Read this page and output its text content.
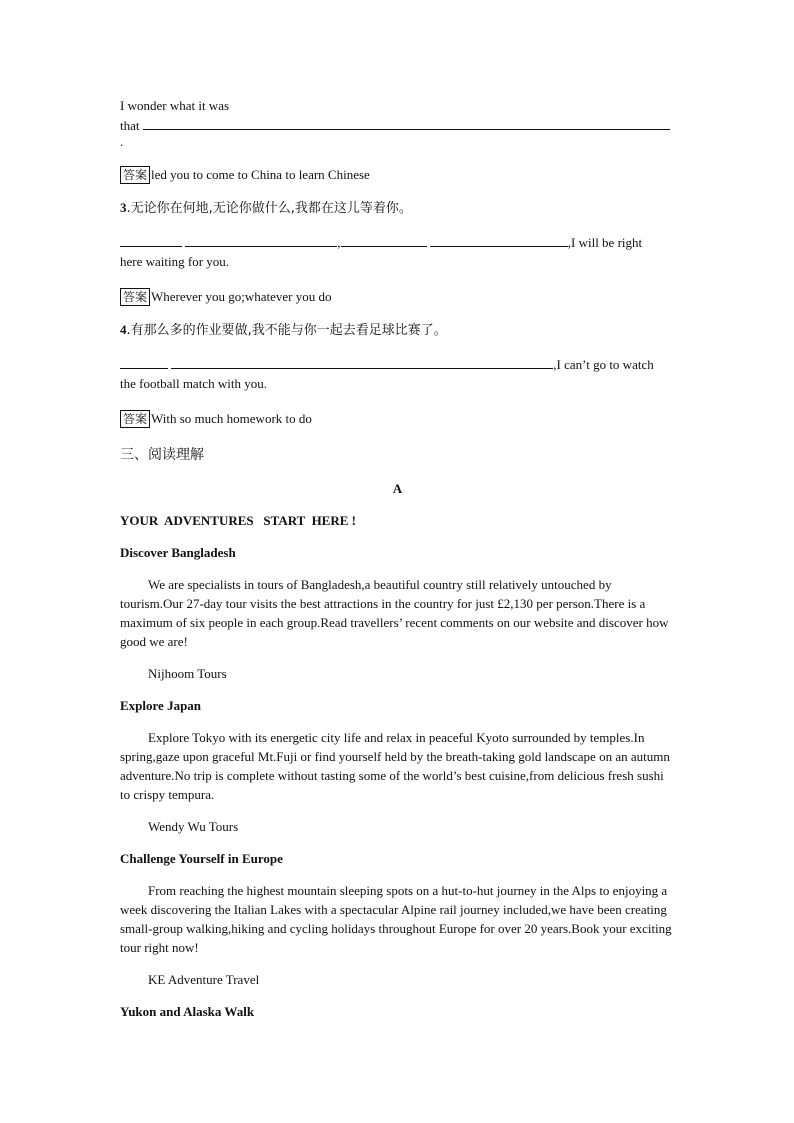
I wonder what it was

that

.

答案 led you to come to China to learn Chinese

3.无论你在何地,无论你做什么,我都在这儿等着你。

,	,I will be right

here waiting for you.

答案 Wherever you go;whatever you do

4.有那么多的作业要做,我不能与你一起去看足球比赛了。

,I can’t go to watch

the football match with you.

答案 With so much homework to do

三、阅读理解

A

YOUR  ADVENTURES   START  HERE !

Discover Bangladesh

We are specialists in tours of Bangladesh,a beautiful country still relatively untouched by tourism.Our 27-day tour visits the best attractions in the country for just £2,130 per person.There is a maximum of six people in each group.Read travellers’ recent comments on our website and discover how good we are!

Nijhoom Tours

Explore Japan

Explore Tokyo with its energetic city life and relax in peaceful Kyoto surrounded by temples.In spring,gaze upon graceful Mt.Fuji or find yourself held by the breath-taking gold landscape on an autumn adventure.No trip is complete without tasting some of the world’s best cuisine,from delicious fresh sushi to crispy tempura.

Wendy Wu Tours

Challenge Yourself in Europe

From reaching the highest mountain sleeping spots on a hut-to-hut journey in the Alps to enjoying a week discovering the Italian Lakes with a spectacular Alpine rail journey included,we have been creating small-group walking,hiking and cycling holidays throughout Europe for over 20 years.Book your exciting tour right now!

KE Adventure Travel

Yukon and Alaska Walk
